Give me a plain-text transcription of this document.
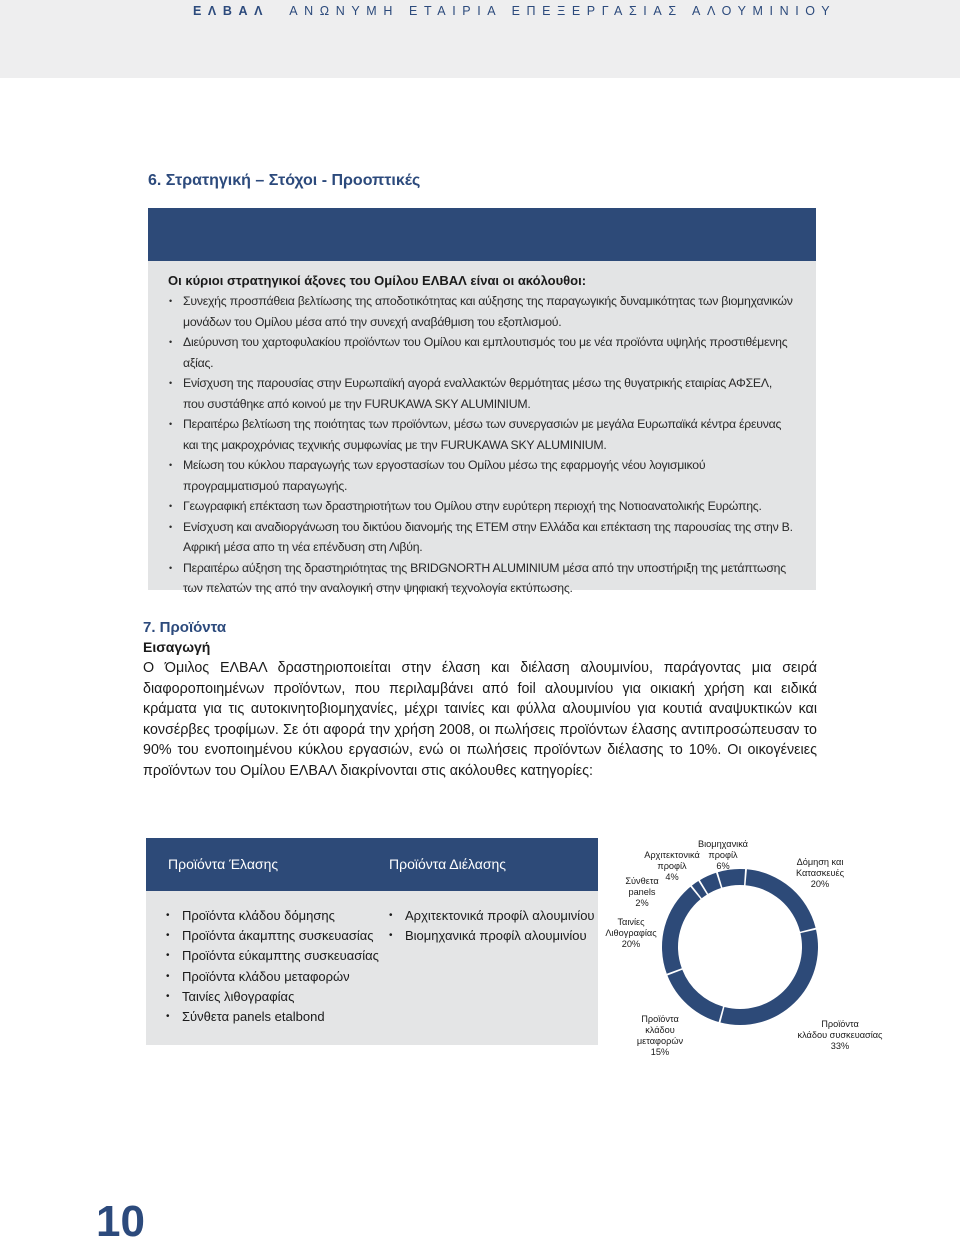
ΕΛΒΑΛ ΑΝΩΝΥΜΗ ΕΤΑΙΡΙΑ ΕΠΕΞΕΡΓΑΣΙΑΣ ΑΛΟΥΜΙΝΙΟΥ
6. Στρατηγική – Στόχοι - Προοπτικές
Οι κύριοι στρατηγικοί άξονες του Ομίλου ΕΛΒΑΛ είναι οι ακόλουθοι:
• Συνεχής προσπάθεια βελτίωσης της αποδοτικότητας και αύξησης της παραγωγικής δυναμικότητας των βιομηχανικών μονάδων του Ομίλου μέσα από την συνεχή αναβάθμιση του εξοπλισμού.
• Διεύρυνση του χαρτοφυλακίου προϊόντων του Ομίλου και εμπλουτισμός του με νέα προϊόντα υψηλής προστιθέμενης αξίας.
• Ενίσχυση της παρουσίας στην Ευρωπαϊκή αγορά εναλλακτών θερμότητας μέσω της θυγατρικής εταιρίας ΑΦΣΕΛ, που συστάθηκε από κοινού με την FURUKAWA SKY ALUMINIUM.
• Περαιτέρω βελτίωση της ποιότητας των προϊόντων, μέσω των συνεργασιών με μεγάλα Ευρωπαϊκά κέντρα έρευνας και της μακροχρόνιας τεχνικής συμφωνίας με την FURUKAWA SKY ALUMINIUM.
• Μείωση του κύκλου παραγωγής των εργοστασίων του Ομίλου μέσω της εφαρμογής νέου λογισμικού προγραμματισμού παραγωγής.
• Γεωγραφική επέκταση των δραστηριοτήτων του Ομίλου στην ευρύτερη περιοχή της Νοτιοανατολικής Ευρώπης.
• Ενίσχυση και αναδιοργάνωση του δικτύου διανομής της ΕΤΕΜ στην Ελλάδα και επέκταση της παρουσίας της στην Β. Αφρική μέσα απο τη νέα επένδυση στη Λιβύη.
• Περαιτέρω αύξηση της δραστηριότητας της BRIDGNORTH ALUMINIUM μέσα από την υποστήριξη της μετάπτωσης των πελατών της από την αναλογική στην ψηφιακή τεχνολογία εκτύπωσης.
7. Προϊόντα
Εισαγωγή
Ο Όμιλος ΕΛΒΑΛ δραστηριοποιείται στην έλαση και διέλαση αλουμινίου, παράγοντας μια σειρά διαφοροποιημένων προϊόντων, που περιλαμβάνει από foil αλουμινίου για οικιακή χρήση και ειδικά κράματα για τις αυτοκινητοβιομηχανίες, μέχρι ταινίες και φύλλα αλουμινίου για κουτιά αναψυκτικών και κονσέρβες τροφίμων. Σε ότι αφορά την χρήση 2008, οι πωλήσεις προϊόντων έλασης αντιπροσώπευσαν το 90% του ενοποιημένου κύκλου εργασιών, ενώ οι πωλήσεις προϊόντων διέλασης το 10%. Οι οικογένειες προϊόντων του Ομίλου ΕΛΒΑΛ διακρίνονται στις ακόλουθες κατηγορίες:
Προϊόντα Έλασης	Προϊόντα Διέλασης
• Προϊόντα κλάδου δόμησης
• Προϊόντα άκαμπτης συσκευασίας
• Προϊόντα εύκαμπτης συσκευασίας
• Προϊόντα κλάδου μεταφορών
• Ταινίες λιθογραφίας
• Σύνθετα panels etalbond
• Αρχιτεκτονικά προφίλ αλουμινίου
• Βιομηχανικά προφίλ αλουμινίου
Βιομηχανικά προφίλ 6%	Δόμηση και Κατασκευές 20%
Προϊόντα κλάδου συσκευασίας 33%
Προϊόντα κλάδου μεταφορών 15%
Ταινίες Λιθογραφίας 20%
Σύνθετα panels 2%
Αρχιτεκτονικά προφίλ 4%
10
